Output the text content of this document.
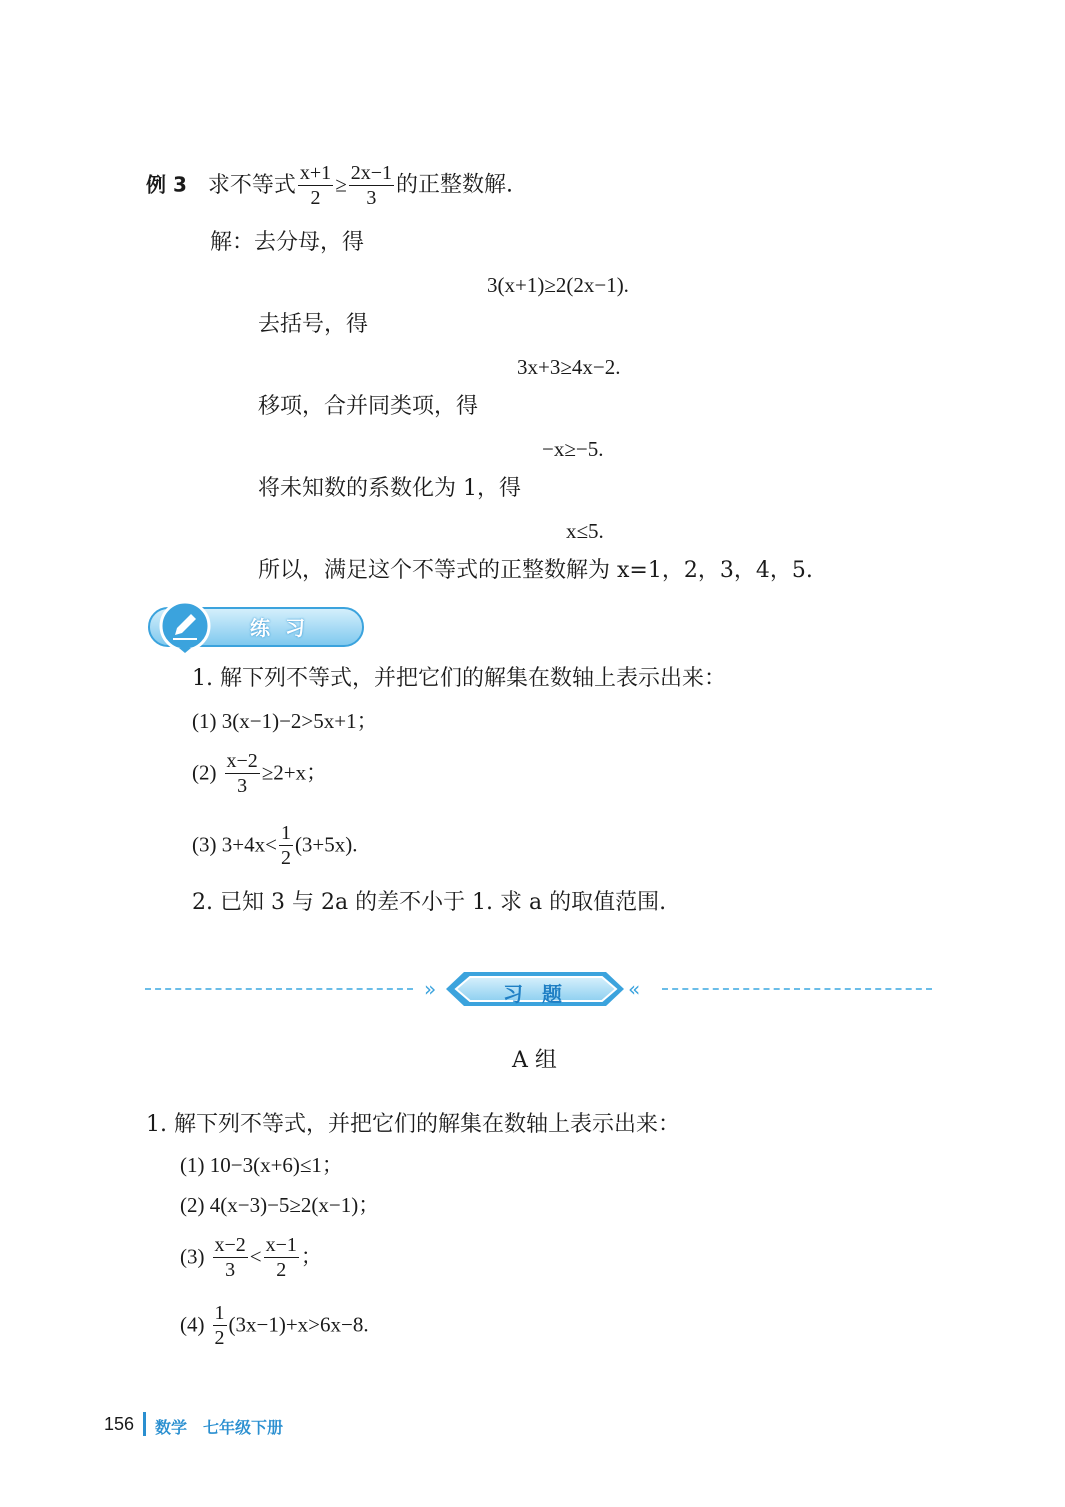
例 3 求不等式 $\frac{x+1}{2} \ge \frac{2x-1}{3}$ 的正整数解.
解：去分母，得
3(x+1)≥2(2x−1).
去括号，得
3x+3≥4x−2.
移项，合并同类项，得
−x≥−5.
将未知数的系数化为 1，得
x≤5.
所以，满足这个不等式的正整数解为 x=1，2，3，4，5.
练 习
1. 解下列不等式，并把它们的解集在数轴上表示出来：
(1) 3(x−1)−2>5x+1；
$(2) \frac{x-2}{3} \ge 2+x$；
(3) $3+4x< \frac{1}{2} (3+5x)$.
2. 已知 3 与 2a 的差不小于 1. 求 a 的取值范围.
»	«
习 题
A 组
1. 解下列不等式，并把它们的解集在数轴上表示出来：
(1) 10−3(x+6)≤1；
(2) 4(x−3)−5≥2(x−1)；
$(3) \frac{x-2}{3} < \frac{x-1}{2}$ ；
$(4) \frac{1}{2} (3x-1)+x>6x-8$.
156 数学　七年级下册
